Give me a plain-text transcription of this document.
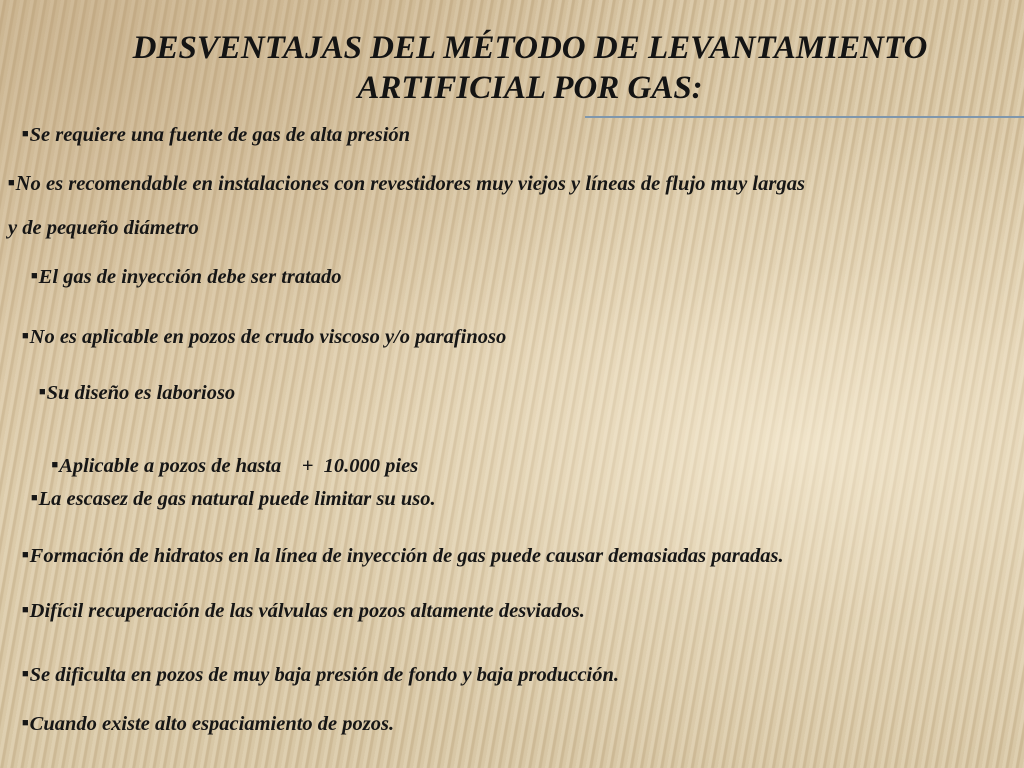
DESVENTAJAS DEL MÉTODO DE LEVANTAMIENTO
ARTIFICIAL POR GAS:
■Se requiere una fuente de gas de alta presión
■No es recomendable en instalaciones con revestidores muy viejos y líneas de flujo muy largas
y de pequeño diámetro
■El gas de inyección debe ser tratado
■No es aplicable en pozos de crudo viscoso y/o parafinoso
■Su diseño es laborioso

■Aplicable a pozos de hasta    +  10.000 pies

■La escasez de gas natural puede limitar su uso.
■Formación de hidratos en la línea de inyección de gas puede causar demasiadas paradas.
■Difícil recuperación de las válvulas en pozos altamente desviados.
■Se dificulta en pozos de muy baja presión de fondo y baja producción.
■Cuando existe alto espaciamiento de pozos.
